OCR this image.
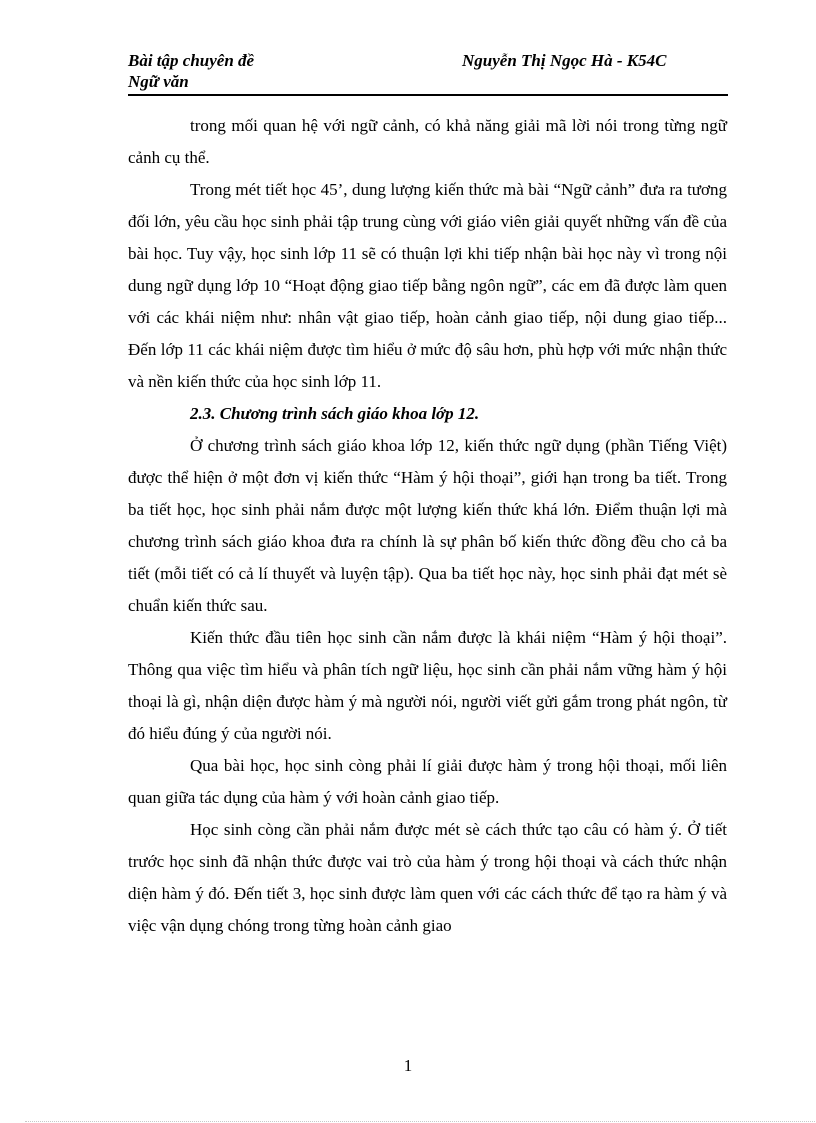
Bài tập chuyên đề
Ngữ văn
Nguyễn Thị Ngọc Hà - K54C

trong mối quan hệ với ngữ cảnh, có khả năng giải mã lời nói trong từng ngữ cảnh cụ thể.

Trong mét tiết học 45’, dung lượng kiến thức mà bài “Ngữ cảnh” đưa ra tương đối lớn, yêu cầu học sinh phải tập trung cùng với giáo viên giải quyết những vấn đề của bài học. Tuy vậy, học sinh lớp 11 sẽ có thuận lợi khi tiếp nhận bài học này vì trong nội dung ngữ dụng lớp 10 “Hoạt động giao tiếp bằng ngôn ngữ”, các em đã được làm quen với các khái niệm như: nhân vật giao tiếp, hoàn cảnh giao tiếp, nội dung giao tiếp... Đến lớp 11 các khái niệm được tìm hiểu ở mức độ sâu hơn, phù hợp với mức nhận thức và nền kiến thức của học sinh lớp 11.

2.3. Chương trình sách giáo khoa lớp 12.

Ở chương trình sách giáo khoa lớp 12, kiến thức ngữ dụng (phần Tiếng Việt) được thể hiện ở một đơn vị kiến thức “Hàm ý hội thoại”, giới hạn trong ba tiết. Trong ba tiết học, học sinh phải nắm được một lượng kiến thức khá lớn. Điểm thuận lợi mà chương trình sách giáo khoa đưa ra chính là sự phân bố kiến thức đồng đều cho cả ba tiết (mỗi tiết có cả lí thuyết và luyện tập). Qua ba tiết học này, học sinh phải đạt mét sè chuẩn kiến thức sau.

Kiến thức đầu tiên học sinh cần nắm được là khái niệm “Hàm ý hội thoại”. Thông qua việc tìm hiểu và phân tích ngữ liệu, học sinh cần phải nắm vững hàm ý hội thoại là gì, nhận diện được hàm ý mà người nói, người viết gửi gắm trong phát ngôn, từ đó hiểu đúng ý của người nói.

Qua bài học, học sinh còng phải lí giải được hàm ý trong hội thoại, mối liên quan giữa tác dụng của hàm ý với hoàn cảnh giao tiếp.

Học sinh còng cần phải nắm được mét sè cách thức tạo câu có hàm ý. Ở tiết trước học sinh đã nhận thức được vai trò của hàm ý trong hội thoại và cách thức nhận diện hàm ý đó. Đến tiết 3, học sinh được làm quen với các cách thức để tạo ra hàm ý và việc vận dụng chóng trong từng hoàn cảnh giao

1
